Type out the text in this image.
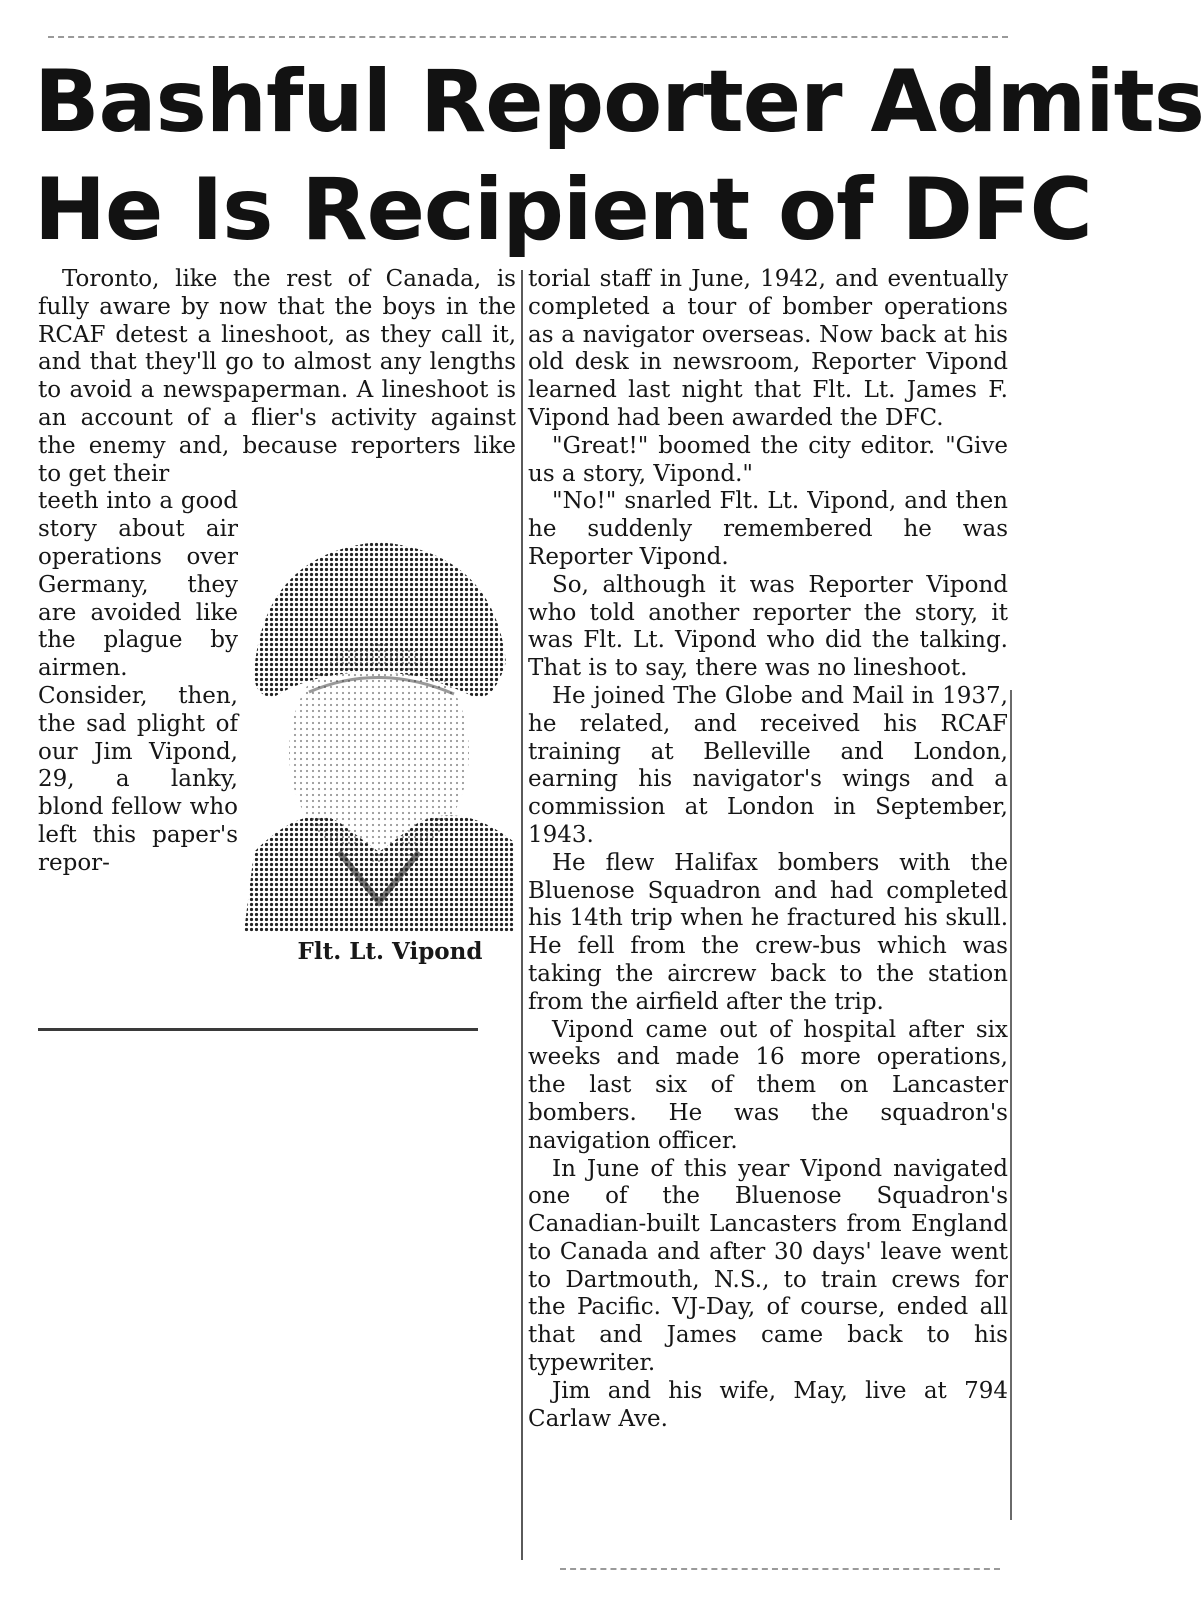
Bashful Reporter Admits
He Is Recipient of DFC

Toronto, like the rest of Canada, is fully aware by now that the boys in the RCAF detest a lineshoot, as they call it, and that they'll go to almost any lengths to avoid a newspaperman. A lineshoot is an account of a flier's activity against the enemy and, because reporters like to get their

teeth into a good story about air operations over Germany, they are avoided like the plague by airmen. Consider, then, the sad plight of our Jim Vipond, 29, a lanky, blond fellow who left this paper's repor-

Flt. Lt. Vipond

torial staff in June, 1942, and eventually completed a tour of bomber operations as a navigator overseas. Now back at his old desk in newsroom, Reporter Vipond learned last night that Flt. Lt. James F. Vipond had been awarded the DFC.

"Great!" boomed the city editor. "Give us a story, Vipond."

"No!" snarled Flt. Lt. Vipond, and then he suddenly remembered he was Reporter Vipond.

So, although it was Reporter Vipond who told another reporter the story, it was Flt. Lt. Vipond who did the talking. That is to say, there was no lineshoot.

He joined The Globe and Mail in 1937, he related, and received his RCAF training at Belleville and London, earning his navigator's wings and a commission at London in September, 1943.

He flew Halifax bombers with the Bluenose Squadron and had completed his 14th trip when he fractured his skull. He fell from the crew-bus which was taking the aircrew back to the station from the airfield after the trip.

Vipond came out of hospital after six weeks and made 16 more operations, the last six of them on Lancaster bombers. He was the squadron's navigation officer.

In June of this year Vipond navigated one of the Bluenose Squadron's Canadian-built Lancasters from England to Canada and after 30 days' leave went to Dartmouth, N.S., to train crews for the Pacific. VJ-Day, of course, ended all that and James came back to his typewriter.

Jim and his wife, May, live at 794 Carlaw Ave.
